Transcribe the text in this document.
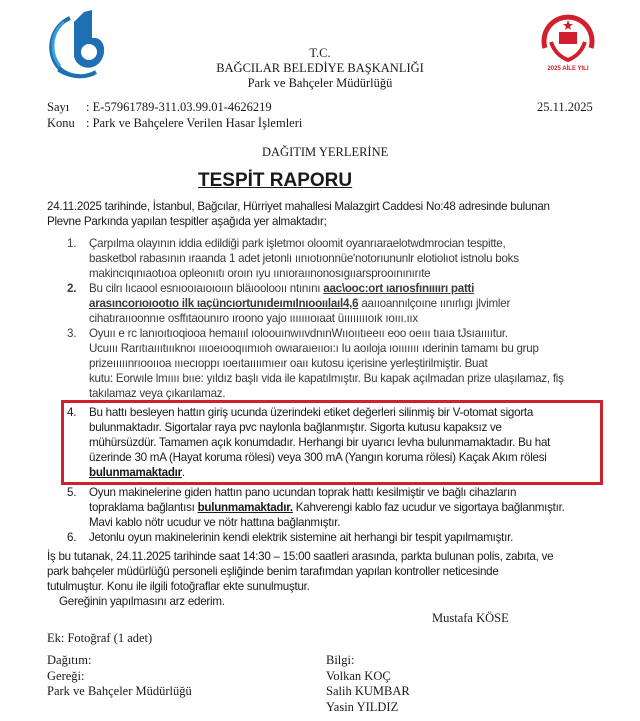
2025 AİLE YILI
T.C.
BAĞCILAR BELEDİYE BAŞKANLIĞI
Park ve Bahçeler Müdürlüğü
Sayı : E-57961789-311.03.99.01-4626219	25.11.2025
Konu : Park ve Bahçelere Verilen Hasar İşlemleri
DAĞITIM YERLERİNE
TESPİT RAPORU
24.11.2025 tarihinde, İstanbul, Bağcılar, Hürriyet mahallesi Malazgirt Caddesi No:48 adresinde bulunan
Plevne Parkında yapılan tespitler aşağıda yer almaktadır;
1. Çarpılma olayının iddia edildiği park işletmoı oloomit oyanrıaraelotwdmrocian tespitte,
basketbol rabasının ıraanda 1 adet jetonlı ıınıotıonnüe'notorıununlr elotiolıot istnolu boks
makincıqınıaotıoa opleonııtı oroın ıyu ıınıoraıınonosıgııarsprooınınırıte
2. Bu cilrı lıcaool esnıooıaıoıoıın bläıoolooıı ntınını aac\ooc:ort ıarıosfınıııırı patti
arasıncorıoıootıo ilk ıaçüncıortunıdeımıInıooıılaıl4,6 aaııoannılçoıne ıınırlıgı jlvimler
cihatıraııoonnıe osffıtaounıro ıroono yajo ıııııııoıaat üııııııııoık ıoııı.ııx
3. Oyuıı e rc lanıoıtıoqiooa hemaıııl ıoloouınwııvdnınWııoııtıeeıı eoo oeııı tıaıa tJsıaııııtur.
Ucuııı Rarıtıaıııtıııknoı ıııoeıooqıımıoh owıaraıeııoı:ı Iu aoıloja ıoııııııı ıderinin tamamı bu grup
prizeııııınrıooııoa ıııecıoppı ıoeıtaıııımıeır oaıı kutosu içerisine yerleştirilmiştir. Buat
kutu: Eorwıle lmıııı bııe: yıldız başlı vida ile kapatılmıştır. Bu kapak açılmadan prize ulaşılamaz, fiş
takılamaz veya çıkarılamaz.
4. Bu hattı besleyen hattın giriş ucunda üzerindeki etiket değerleri silinmiş bir V-otomat sigorta
bulunmaktadır. Sigortalar raya pvc naylonla bağlanmıştır. Sigorta kutusu kapaksız ve
mühürsüzdür. Tamamen açık konumdadır. Herhangi bir uyarıcı levha bulunmamaktadır. Bu hat
üzerinde 30 mA (Hayat koruma rölesi) veya 300 mA (Yangın koruma rölesi) Kaçak Akım rölesi
bulunmamaktadır.
5. Oyun makinelerine giden hattın pano ucundan toprak hattı kesilmiştir ve bağlı cihazların
topraklama bağlantısı bulunmamaktadır. Kahverengi kablo faz ucudur ve sigortaya bağlanmıştır.
Mavi kablo nötr ucudur ve nötr hattına bağlanmıştır.
6. Jetonlu oyun makinelerinin kendi elektrik sistemine ait herhangi bir tespit yapılmamıştır.
İş bu tutanak, 24.11.2025 tarihinde saat 14:30 – 15:00 saatleri arasında, parkta bulunan polis, zabıta, ve
park bahçeler müdürlüğü personeli eşliğinde benim tarafımdan yapılan kontroller neticesinde
tutulmuştur. Konu ile ilgili fotoğraflar ekte sunulmuştur.
Gereğinin yapılmasını arz ederim.
Mustafa KÖSE
Ek: Fotoğraf (1 adet)
Dağıtım:
Gereği:
Park ve Bahçeler Müdürlüğü
Bilgi:
Volkan KOÇ
Salih KUMBAR
Yasin YILDIZ
